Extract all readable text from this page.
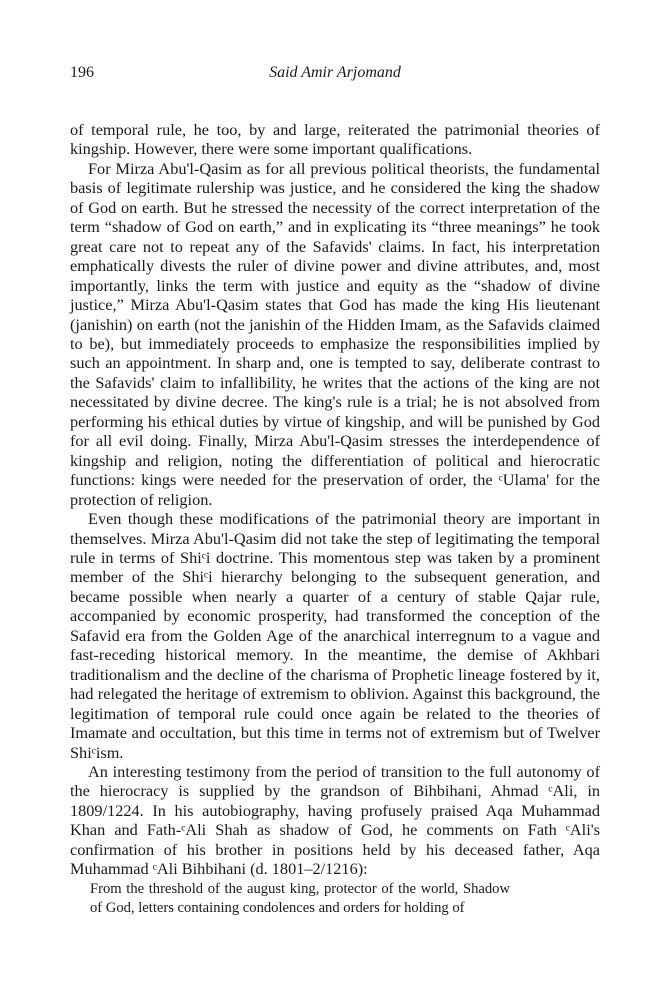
196	Said Amir Arjomand

of temporal rule, he too, by and large, reiterated the patrimonial theories of kingship. However, there were some important qualifications.

For Mirza Abu'l-Qasim as for all previous political theorists, the fundamental basis of legitimate rulership was justice, and he considered the king the shadow of God on earth. But he stressed the necessity of the correct interpretation of the term “shadow of God on earth,” and in explicating its “three meanings” he took great care not to repeat any of the Safavids' claims. In fact, his interpretation emphatically divests the ruler of divine power and divine attributes, and, most importantly, links the term with justice and equity as the “shadow of divine justice,” Mirza Abu'l-Qasim states that God has made the king His lieutenant (janishin) on earth (not the janishin of the Hidden Imam, as the Safavids claimed to be), but immediately proceeds to emphasize the responsibilities implied by such an appointment. In sharp and, one is tempted to say, deliberate contrast to the Safavids' claim to infallibility, he writes that the actions of the king are not necessitated by divine decree. The king's rule is a trial; he is not absolved from performing his ethical duties by virtue of kingship, and will be punished by God for all evil doing. Finally, Mirza Abu'l-Qasim stresses the interdependence of kingship and religion, noting the differentiation of political and hierocratic functions: kings were needed for the preservation of order, the ᶜUlama' for the protection of religion.

Even though these modifications of the patrimonial theory are important in themselves. Mirza Abu'l-Qasim did not take the step of legitimating the temporal rule in terms of Shiᶜi doctrine. This momentous step was taken by a prominent member of the Shiᶜi hierarchy belonging to the subsequent generation, and became possible when nearly a quarter of a century of stable Qajar rule, accompanied by economic prosperity, had transformed the conception of the Safavid era from the Golden Age of the anarchical interregnum to a vague and fast-receding historical memory. In the meantime, the demise of Akhbari traditionalism and the decline of the charisma of Prophetic lineage fostered by it, had relegated the heritage of extremism to oblivion. Against this background, the legitimation of temporal rule could once again be related to the theories of Imamate and occultation, but this time in terms not of extremism but of Twelver Shiᶜism.

An interesting testimony from the period of transition to the full autonomy of the hierocracy is supplied by the grandson of Bihbihani, Ahmad ᶜAli, in 1809/1224. In his autobiography, having profusely praised Aqa Muhammad Khan and Fath-ᶜAli Shah as shadow of God, he comments on Fath ᶜAli's confirmation of his brother in positions held by his deceased father, Aqa Muhammad ᶜAli Bihbihani (d. 1801–2/1216):

From the threshold of the august king, protector of the world, Shadow of God, letters containing condolences and orders for holding of
